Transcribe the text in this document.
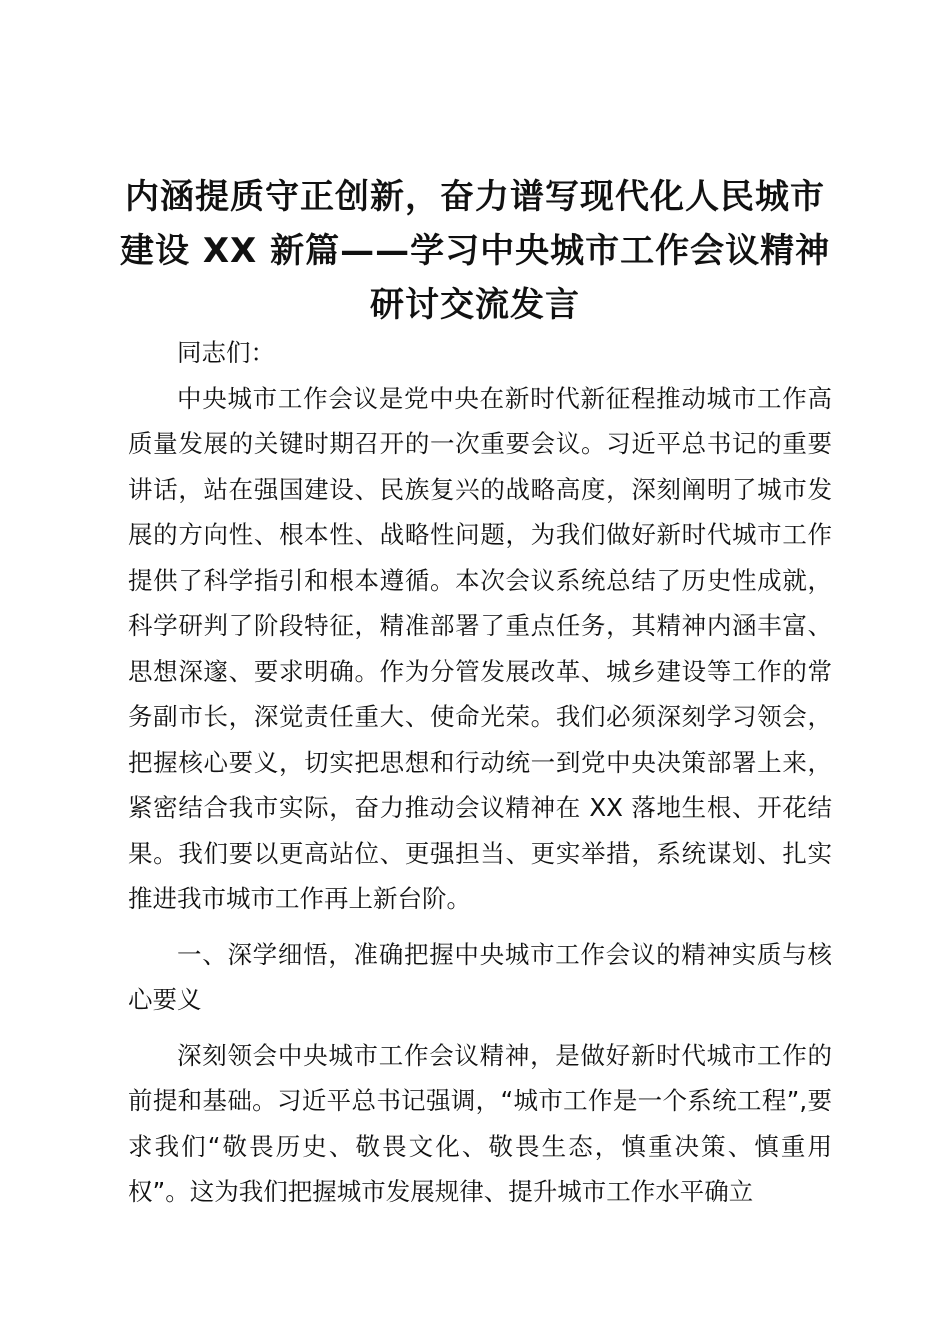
内涵提质守正创新，奋力谱写现代化人民城市
建设 XX 新篇——学习中央城市工作会议精神
研讨交流发言

同志们：

中央城市工作会议是党中央在新时代新征程推动城市工作高质量发展的关键时期召开的一次重要会议。习近平总书记的重要讲话，站在强国建设、民族复兴的战略高度，深刻阐明了城市发展的方向性、根本性、战略性问题，为我们做好新时代城市工作提供了科学指引和根本遵循。本次会议系统总结了历史性成就，科学研判了阶段特征，精准部署了重点任务，其精神内涵丰富、思想深邃、要求明确。作为分管发展改革、城乡建设等工作的常务副市长，深觉责任重大、使命光荣。我们必须深刻学习领会，把握核心要义，切实把思想和行动统一到党中央决策部署上来，紧密结合我市实际，奋力推动会议精神在 XX 落地生根、开花结果。我们要以更高站位、更强担当、更实举措，系统谋划、扎实推进我市城市工作再上新台阶。

一、深学细悟，准确把握中央城市工作会议的精神实质与核心要义

深刻领会中央城市工作会议精神，是做好新时代城市工作的前提和基础。习近平总书记强调，“城市工作是一个系统工程”,要求我们“敬畏历史、敬畏文化、敬畏生态，慎重决策、慎重用权”。这为我们把握城市发展规律、提升城市工作水平确立
